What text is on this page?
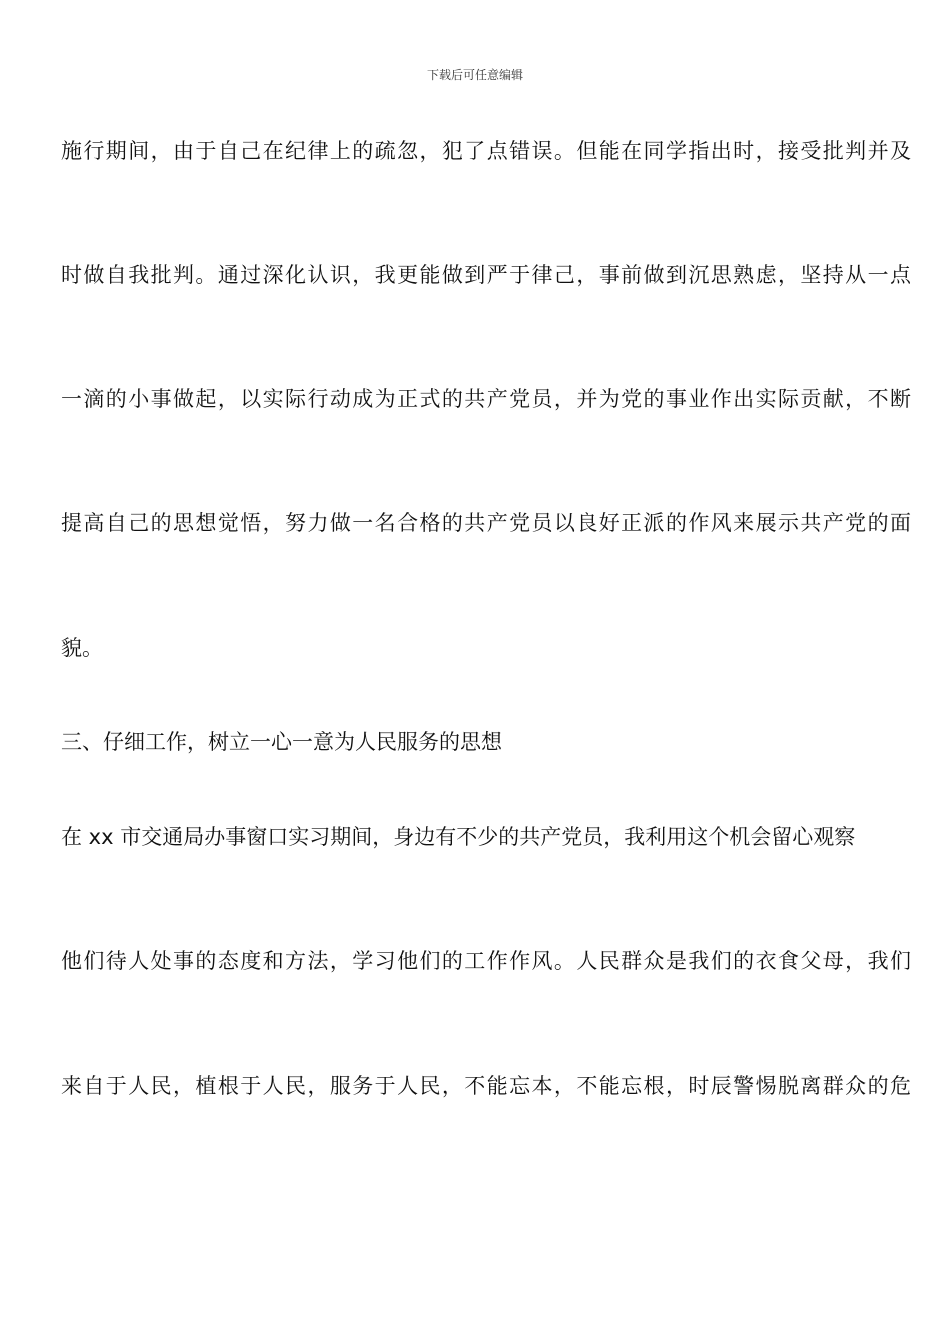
下载后可任意编辑
施行期间，由于自己在纪律上的疏忽，犯了点错误。但能在同学指出时，接受批判并及
时做自我批判。通过深化认识，我更能做到严于律己，事前做到沉思熟虑，坚持从一点
一滴的小事做起，以实际行动成为正式的共产党员，并为党的事业作出实际贡献，不断
提高自己的思想觉悟，努力做一名合格的共产党员以良好正派的作风来展示共产党的面
貌。
三、仔细工作，树立一心一意为人民服务的思想
在 xx 市交通局办事窗口实习期间，身边有不少的共产党员，我利用这个机会留心观察
他们待人处事的态度和方法，学习他们的工作作风。人民群众是我们的衣食父母，我们
来自于人民，植根于人民，服务于人民，不能忘本，不能忘根，时辰警惕脱离群众的危
